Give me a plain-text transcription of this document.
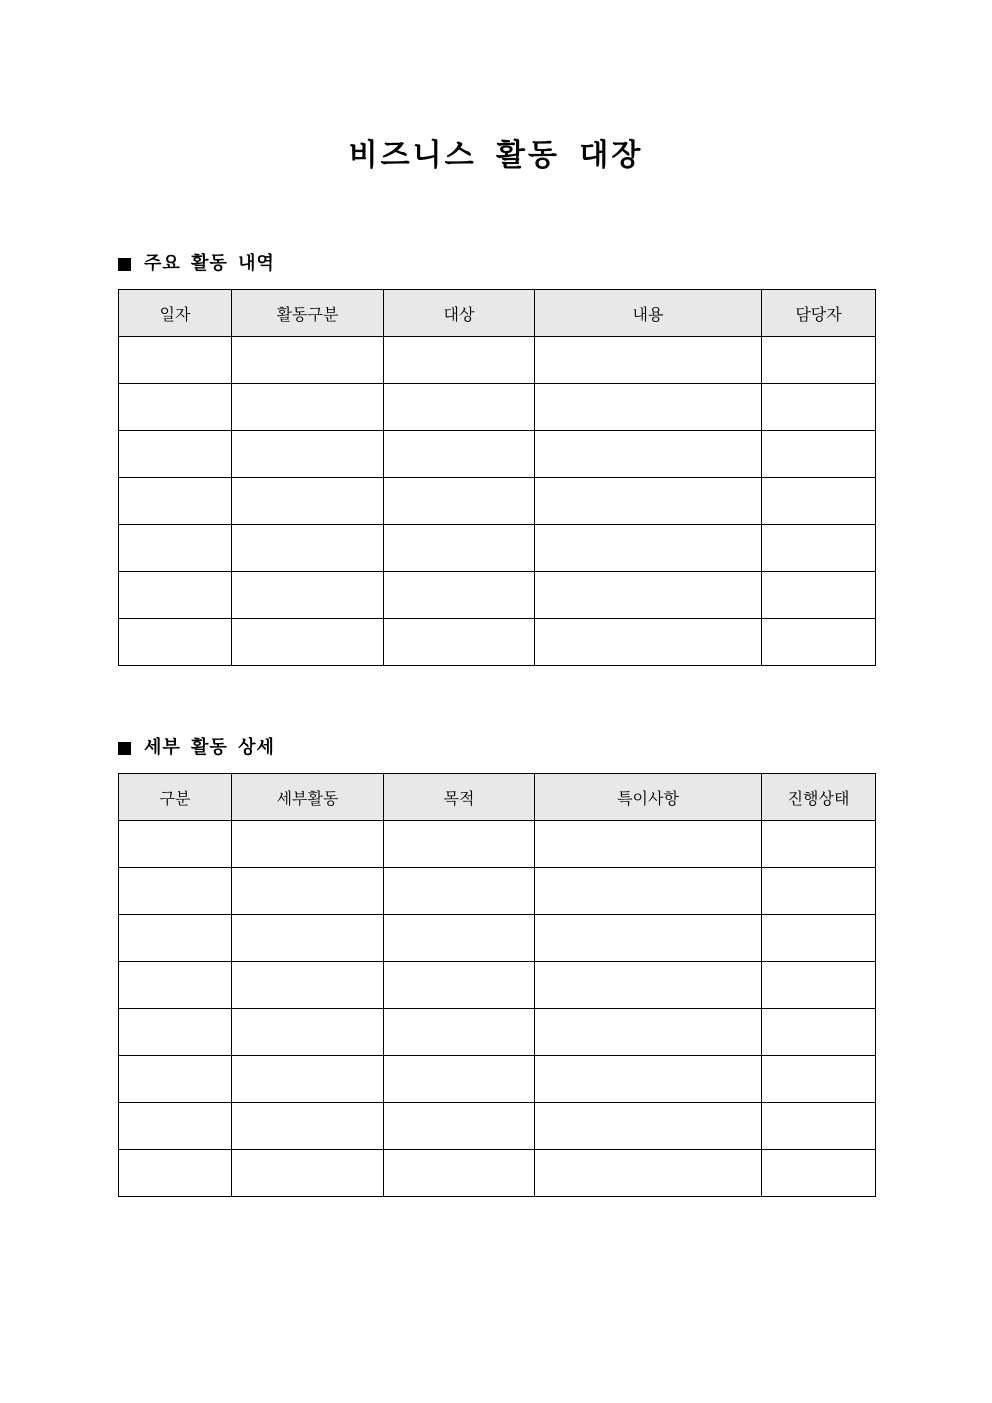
비즈니스 활동 대장
주요 활동 내역
일자	활동구분	대상	내용	담당자

세부 활동 상세
구분	세부활동	목적	특이사항	진행상태
